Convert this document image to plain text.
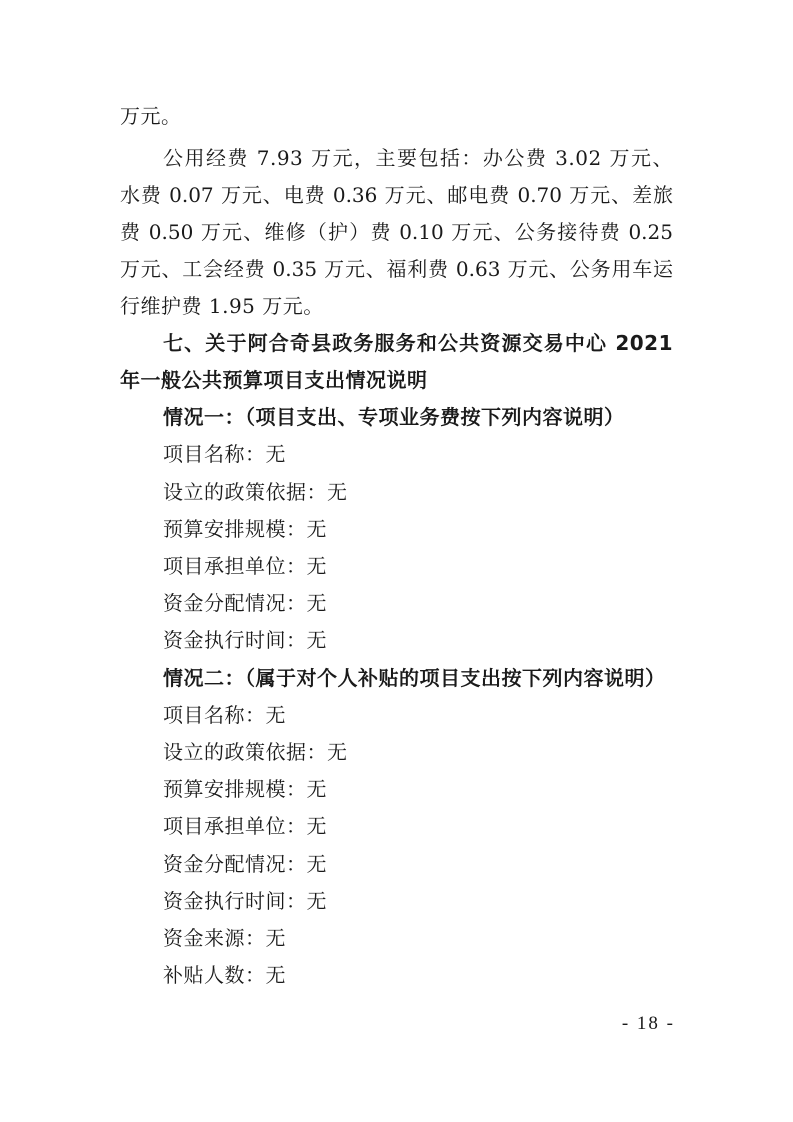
万元。
公用经费 7.93 万元，主要包括：办公费 3.02 万元、
水费 0.07 万元、电费 0.36 万元、邮电费 0.70 万元、差旅
费 0.50 万元、维修（护）费 0.10 万元、公务接待费 0.25
万元、工会经费 0.35 万元、福利费 0.63 万元、公务用车运
行维护费 1.95 万元。
七、关于阿合奇县政务服务和公共资源交易中心 2021
年一般公共预算项目支出情况说明
情况一：（项目支出、专项业务费按下列内容说明）
项目名称：无
设立的政策依据：无
预算安排规模：无
项目承担单位：无
资金分配情况：无
资金执行时间：无
情况二：（属于对个人补贴的项目支出按下列内容说明）
项目名称：无
设立的政策依据：无
预算安排规模：无
项目承担单位：无
资金分配情况：无
资金执行时间：无
资金来源：无
补贴人数：无
- 18 -
